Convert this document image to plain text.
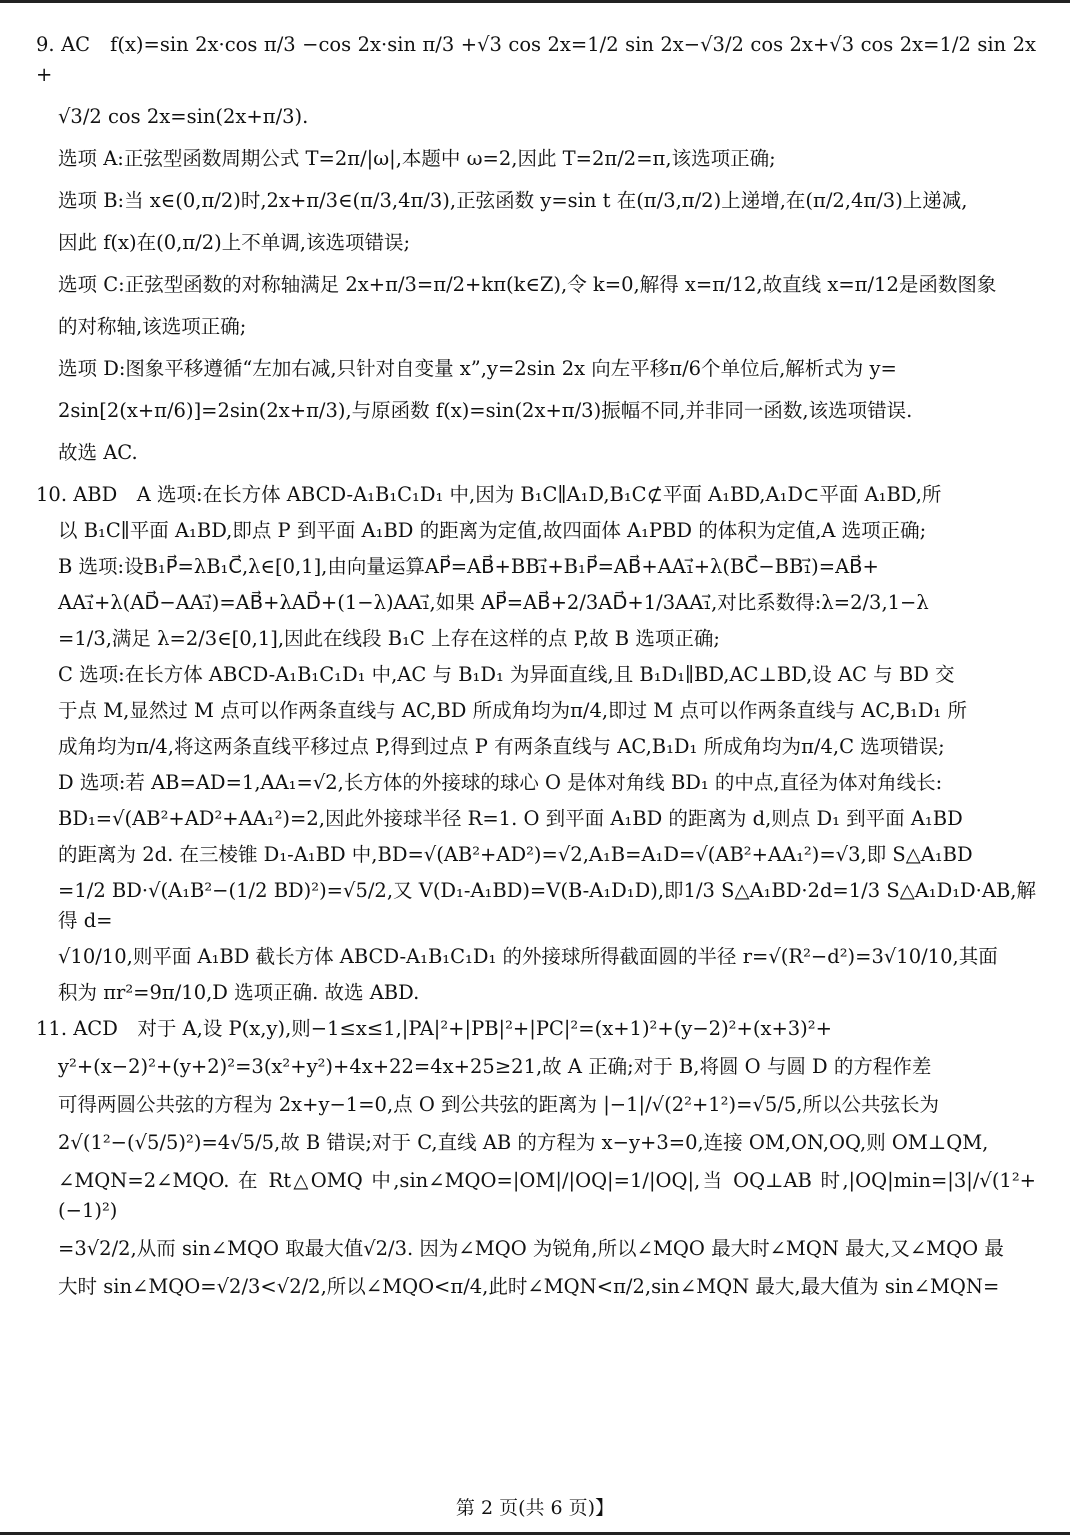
9. AC　f(x)=sin 2x·cos π/3 −cos 2x·sin π/3 +√3 cos 2x=1/2 sin 2x−√3/2 cos 2x+√3 cos 2x=1/2 sin 2x+

√3/2 cos 2x=sin(2x+π/3).

选项 A:正弦型函数周期公式 T=2π/|ω|,本题中 ω=2,因此 T=2π/2=π,该选项正确;

选项 B:当 x∈(0,π/2)时,2x+π/3∈(π/3,4π/3),正弦函数 y=sin t 在(π/3,π/2)上递增,在(π/2,4π/3)上递减,

因此 f(x)在(0,π/2)上不单调,该选项错误;

选项 C:正弦型函数的对称轴满足 2x+π/3=π/2+kπ(k∈Z),令 k=0,解得 x=π/12,故直线 x=π/12是函数图象

的对称轴,该选项正确;

选项 D:图象平移遵循“左加右减,只针对自变量 x”,y=2sin 2x 向左平移π/6个单位后,解析式为 y=

2sin[2(x+π/6)]=2sin(2x+π/3),与原函数 f(x)=sin(2x+π/3)振幅不同,并非同一函数,该选项错误.

故选 AC.

10. ABD　A 选项:在长方体 ABCD-A₁B₁C₁D₁ 中,因为 B₁C∥A₁D,B₁C⊄平面 A₁BD,A₁D⊂平面 A₁BD,所

以 B₁C∥平面 A₁BD,即点 P 到平面 A₁BD 的距离为定值,故四面体 A₁PBD 的体积为定值,A 选项正确;

B 选项:设B₁P⃗=λB₁C⃗,λ∈[0,1],由向量运算AP⃗=AB⃗+BB₁⃗+B₁P⃗=AB⃗+AA₁⃗+λ(BC⃗−BB₁⃗)=AB⃗+

AA₁⃗+λ(AD⃗−AA₁⃗)=AB⃗+λAD⃗+(1−λ)AA₁⃗,如果 AP⃗=AB⃗+2/3AD⃗+1/3AA₁⃗,对比系数得:λ=2/3,1−λ

=1/3,满足 λ=2/3∈[0,1],因此在线段 B₁C 上存在这样的点 P,故 B 选项正确;

C 选项:在长方体 ABCD-A₁B₁C₁D₁ 中,AC 与 B₁D₁ 为异面直线,且 B₁D₁∥BD,AC⊥BD,设 AC 与 BD 交

于点 M,显然过 M 点可以作两条直线与 AC,BD 所成角均为π/4,即过 M 点可以作两条直线与 AC,B₁D₁ 所

成角均为π/4,将这两条直线平移过点 P,得到过点 P 有两条直线与 AC,B₁D₁ 所成角均为π/4,C 选项错误;

D 选项:若 AB=AD=1,AA₁=√2,长方体的外接球的球心 O 是体对角线 BD₁ 的中点,直径为体对角线长:

BD₁=√(AB²+AD²+AA₁²)=2,因此外接球半径 R=1. O 到平面 A₁BD 的距离为 d,则点 D₁ 到平面 A₁BD

的距离为 2d. 在三棱锥 D₁-A₁BD 中,BD=√(AB²+AD²)=√2,A₁B=A₁D=√(AB²+AA₁²)=√3,即 S△A₁BD

=1/2 BD·√(A₁B²−(1/2 BD)²)=√5/2,又 V(D₁-A₁BD)=V(B-A₁D₁D),即1/3 S△A₁BD·2d=1/3 S△A₁D₁D·AB,解得 d=

√10/10,则平面 A₁BD 截长方体 ABCD-A₁B₁C₁D₁ 的外接球所得截面圆的半径 r=√(R²−d²)=3√10/10,其面

积为 πr²=9π/10,D 选项正确. 故选 ABD.

11. ACD　对于 A,设 P(x,y),则−1≤x≤1,|PA|²+|PB|²+|PC|²=(x+1)²+(y−2)²+(x+3)²+

y²+(x−2)²+(y+2)²=3(x²+y²)+4x+22=4x+25≥21,故 A 正确;对于 B,将圆 O 与圆 D 的方程作差

可得两圆公共弦的方程为 2x+y−1=0,点 O 到公共弦的距离为 |−1|/√(2²+1²)=√5/5,所以公共弦长为

2√(1²−(√5/5)²)=4√5/5,故 B 错误;对于 C,直线 AB 的方程为 x−y+3=0,连接 OM,ON,OQ,则 OM⊥QM,

∠MQN=2∠MQO. 在 Rt△OMQ 中,sin∠MQO=|OM|/|OQ|=1/|OQ|,当 OQ⊥AB 时,|OQ|min=|3|/√(1²+(−1)²)

=3√2/2,从而 sin∠MQO 取最大值√2/3. 因为∠MQO 为锐角,所以∠MQO 最大时∠MQN 最大,又∠MQO 最

大时 sin∠MQO=√2/3<√2/2,所以∠MQO<π/4,此时∠MQN<π/2,sin∠MQN 最大,最大值为 sin∠MQN=

第 2 页(共 6 页)】
